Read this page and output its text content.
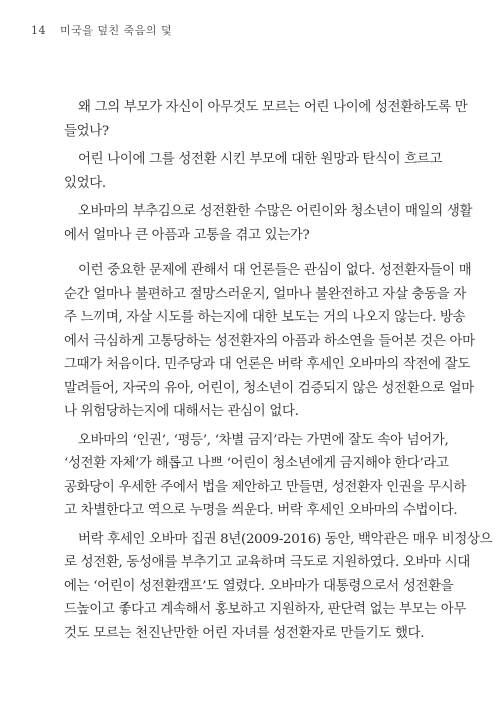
14 미국을 덮친 죽음의 덫
왜 그의 부모가 자신이 아무것도 모르는 어린 나이에 성전환하도록 만
들었나?
어린 나이에 그를 성전환 시킨 부모에 대한 원망과 탄식이 흐르고
있었다.
오바마의 부추김으로 성전환한 수많은 어린이와 청소년이 매일의 생활
에서 얼마나 큰 아픔과 고통을 겪고 있는가?
이런 중요한 문제에 관해서 대 언론들은 관심이 없다. 성전환자들이 매
순간 얼마나 불편하고 절망스러운지, 얼마나 불완전하고 자살 충동을 자
주 느끼며, 자살 시도를 하는지에 대한 보도는 거의 나오지 않는다. 방송
에서 극심하게 고통당하는 성전환자의 아픔과 하소연을 들어본 것은 아마
그때가 처음이다. 민주당과 대 언론은 버락 후세인 오바마의 작전에 잘도
말려들어, 자국의 유아, 어린이, 청소년이 검증되지 않은 성전환으로 얼마
나 위험당하는지에 대해서는 관심이 없다.
오바마의 ‘인권’, ‘평등’, ‘차별 금지’라는 가면에 잘도 속아 넘어가,
‘성전환 자체’가 해롭고 나쁘 ‘어린이 청소년에게 금지해야 한다’라고
공화당이 우세한 주에서 법을 제안하고 만들면, 성전환자 인권을 무시하
고 차별한다고 역으로 누명을 씌운다. 버락 후세인 오바마의 수법이다.
버락 후세인 오바마 집권 8년(2009-2016) 동안, 백악관은 매우 비정상으
로 성전환, 동성애를 부추기고 교육하며 극도로 지원하였다. 오바마 시대
에는 ‘어린이 성전환캠프’도 열렸다. 오바마가 대통령으로서 성전환을
드높이고 좋다고 계속해서 홍보하고 지원하자, 판단력 없는 부모는 아무
것도 모르는 천진난만한 어린 자녀를 성전환자로 만들기도 했다.
